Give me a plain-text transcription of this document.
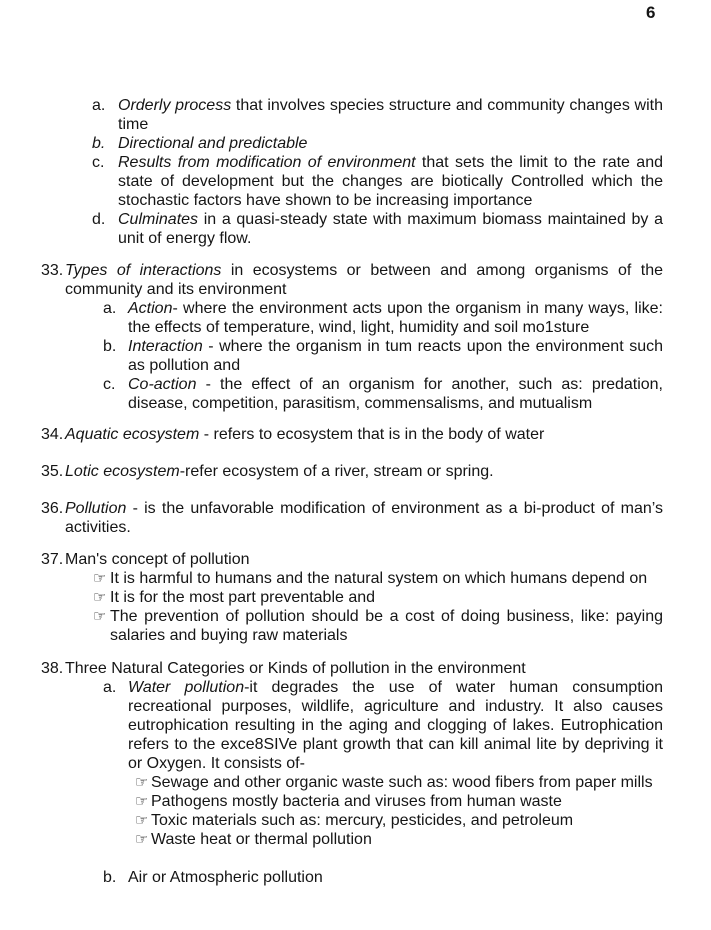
6
a. Orderly process that involves species structure and community changes with time
b. Directional and predictable
c. Results from modification of environment that sets the limit to the rate and state of development but the changes are biotically Controlled which the stochastic factors have shown to be increasing importance
d. Culminates in a quasi-steady state with maximum biomass maintained by a unit of energy flow.
33. Types of interactions in ecosystems or between and among organisms of the community and its environment
a. Action- where the environment acts upon the organism in many ways, like: the effects of temperature, wind, light, humidity and soil mo1sture
b. Interaction - where the organism in tum reacts upon the environment such as pollution and
c. Co-action - the effect of an organism for another, such as: predation, disease, competition, parasitism, commensalisms, and mutualism
34. Aquatic ecosystem - refers to ecosystem that is in the body of water
35. Lotic ecosystem-refer ecosystem of a river, stream or spring.
36. Pollution - is the unfavorable modification of environment as a bi-product of man’s activities.
37. Man's concept of pollution
☞ It is harmful to humans and the natural system on which humans depend on
☞ It is for the most part preventable and
☞ The prevention of pollution should be a cost of doing business, like: paying salaries and buying raw materials
38. Three Natural Categories or Kinds of pollution in the environment
a. Water pollution-it degrades the use of water human consumption recreational purposes, wildlife, agriculture and industry. It also causes eutrophication resulting in the aging and clogging of lakes. Eutrophication refers to the exce8SIVe plant growth that can kill animal lite by depriving it or Oxygen. It consists of-
☞ Sewage and other organic waste such as: wood fibers from paper mills
☞ Pathogens mostly bacteria and viruses from human waste
☞ Toxic materials such as: mercury, pesticides, and petroleum
☞ Waste heat or thermal pollution
b. Air or Atmospheric pollution
